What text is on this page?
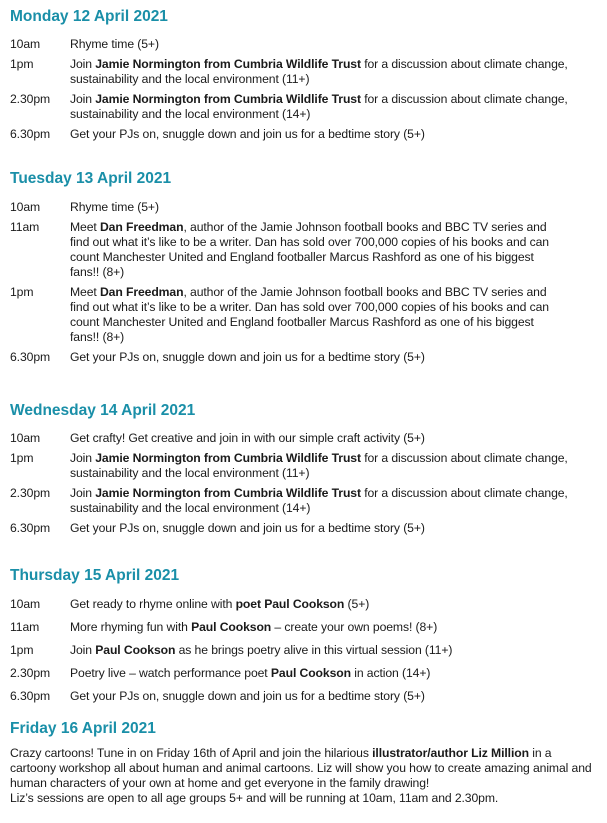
Monday 12 April 2021
10am	Rhyme time (5+)
1pm	Join Jamie Normington from Cumbria Wildlife Trust for a discussion about climate change, sustainability and the local environment (11+)
2.30pm	Join Jamie Normington from Cumbria Wildlife Trust for a discussion about climate change, sustainability and the local environment (14+)
6.30pm	Get your PJs on, snuggle down and join us for a bedtime story (5+)
Tuesday 13 April 2021
10am	Rhyme time (5+)
11am	Meet Dan Freedman, author of the Jamie Johnson football books and BBC TV series and find out what it’s like to be a writer. Dan has sold over 700,000 copies of his books and can count Manchester United and England footballer Marcus Rashford as one of his biggest fans!! (8+)
1pm	Meet Dan Freedman, author of the Jamie Johnson football books and BBC TV series and find out what it’s like to be a writer. Dan has sold over 700,000 copies of his books and can count Manchester United and England footballer Marcus Rashford as one of his biggest fans!! (8+)
6.30pm	Get your PJs on, snuggle down and join us for a bedtime story (5+)
Wednesday 14 April 2021
10am	Get crafty! Get creative and join in with our simple craft activity (5+)
1pm	Join Jamie Normington from Cumbria Wildlife Trust for a discussion about climate change, sustainability and the local environment (11+)
2.30pm	Join Jamie Normington from Cumbria Wildlife Trust for a discussion about climate change, sustainability and the local environment (14+)
6.30pm	Get your PJs on, snuggle down and join us for a bedtime story (5+)
Thursday 15 April 2021
10am	Get ready to rhyme online with poet Paul Cookson (5+)
11am	More rhyming fun with Paul Cookson – create your own poems! (8+)
1pm	Join Paul Cookson as he brings poetry alive in this virtual session (11+)
2.30pm	Poetry live – watch performance poet Paul Cookson in action (14+)
6.30pm	Get your PJs on, snuggle down and join us for a bedtime story (5+)
Friday 16 April 2021

Crazy cartoons! Tune in on Friday 16th of April and join the hilarious illustrator/author Liz Million in a cartoony workshop all about human and animal cartoons. Liz will show you how to create amazing animal and human characters of your own at home and get everyone in the family drawing!

Liz’s sessions are open to all age groups 5+ and will be running at 10am, 11am and 2.30pm.
